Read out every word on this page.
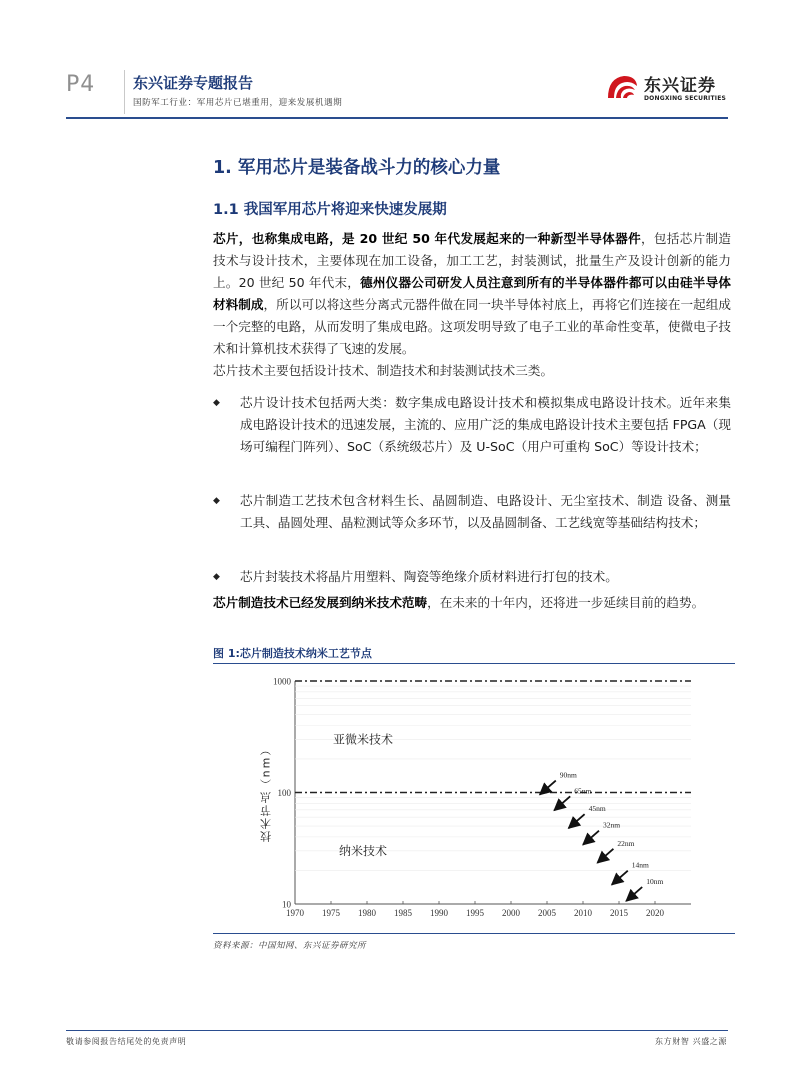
P4	东兴证券专题报告
国防军工行业：军用芯片已堪重用，迎来发展机遇期
东兴证券
DONGXING SECURITIES
1. 军用芯片是装备战斗力的核心力量
1.1 我国军用芯片将迎来快速发展期
芯片，也称集成电路，是 20 世纪 50 年代发展起来的一种新型半导体器件，包括芯片制造技术与设计技术，主要体现在加工设备，加工工艺，封装测试，批量生产及设计创新的能力上。20 世纪 50 年代末，德州仪器公司研发人员注意到所有的半导体器件都可以由硅半导体材料制成，所以可以将这些分离式元器件做在同一块半导体衬底上，再将它们连接在一起组成一个完整的电路，从而发明了集成电路。这项发明导致了电子工业的革命性变革，使微电子技术和计算机技术获得了飞速的发展。
芯片技术主要包括设计技术、制造技术和封装测试技术三类。
◆	芯片设计技术包括两大类：数字集成电路设计技术和模拟集成电路设计技术。近年来集成电路设计技术的迅速发展，主流的、应用广泛的集成电路设计技术主要包括 FPGA（现场可编程门阵列）、SoC（系统级芯片）及 U-SoC（用户可重构 SoC）等设计技术；
◆	芯片制造工艺技术包含材料生长、晶圆制造、电路设计、无尘室技术、制造 设备、测量工具、晶圆处理、晶粒测试等众多环节，以及晶圆制备、工艺线宽等基础结构技术；
◆	芯片封装技术将晶片用塑料、陶瓷等绝缘介质材料进行打包的技术。
芯片制造技术已经发展到纳米技术范畴，在未来的十年内，还将进一步延续目前的趋势。
图 1:芯片制造技术纳米工艺节点
1000
100
10
1970 1975 1980 1985 1990 1995 2000 2005 2010 2015 2020
技术节点（nm）
亚微米技术
纳米技术
90nm
65nm
45nm
32nm
22nm
14nm
10nm
资料来源：中国知网、东兴证券研究所
敬请参阅报告结尾处的免责声明	东方财智 兴盛之源
